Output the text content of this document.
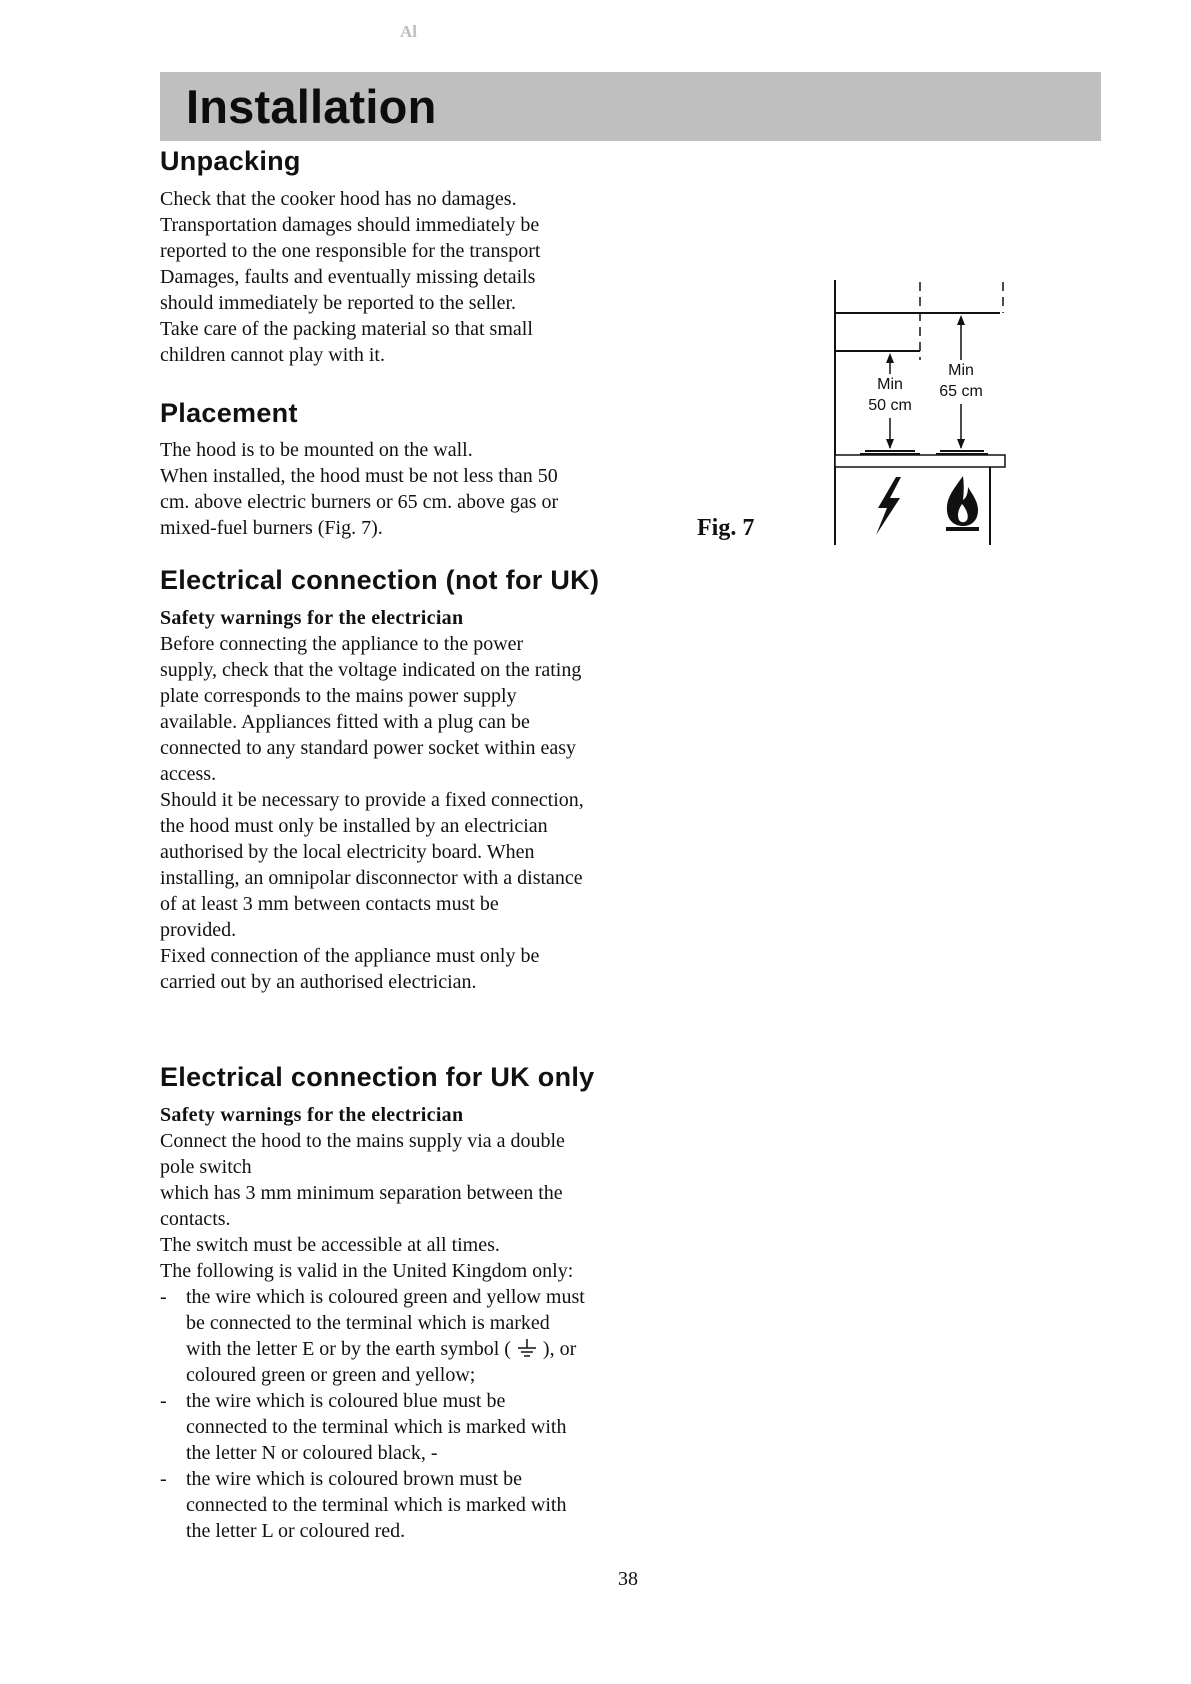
Al
Installation
Unpacking
Check that the cooker hood has no damages.
Transportation damages should immediately be
reported to the one responsible for the transport
Damages, faults and eventually missing details
should immediately be reported to the seller.
Take care of the packing material so that small
children cannot play with it.
Placement
The hood is to be mounted on the wall.
When installed, the hood must be not less than 50
cm. above electric burners or 65 cm. above gas or
mixed-fuel burners (Fig. 7).	Fig. 7
Min
50 cm
Min
65 cm
Electrical connection (not for UK)
Safety warnings for the electrician
Before connecting the appliance to the power
supply, check that the voltage indicated on the rating
plate corresponds to the mains power supply
available. Appliances fitted with a plug can be
connected to any standard power socket within easy
access.
Should it be necessary to provide a fixed connection,
the hood must only be installed by an electrician
authorised by the local electricity board. When
installing, an omnipolar disconnector with a distance
of at least 3 mm between contacts must be
provided.
Fixed connection of the appliance must only be
carried out by an authorised electrician.
Electrical connection for UK only
Safety warnings for the electrician
Connect the hood to the mains supply via a double
pole switch
which has 3 mm minimum separation between the
contacts.
The switch must be accessible at all times.
The following is valid in the United Kingdom only:
- the wire which is coloured green and yellow must
be connected to the terminal which is marked
with the letter E or by the earth symbol ( ), or
coloured green or green and yellow;
- the wire which is coloured blue must be
connected to the terminal which is marked with
the letter N or coloured black, -
- the wire which is coloured brown must be
connected to the terminal which is marked with
the letter L or coloured red.
38
